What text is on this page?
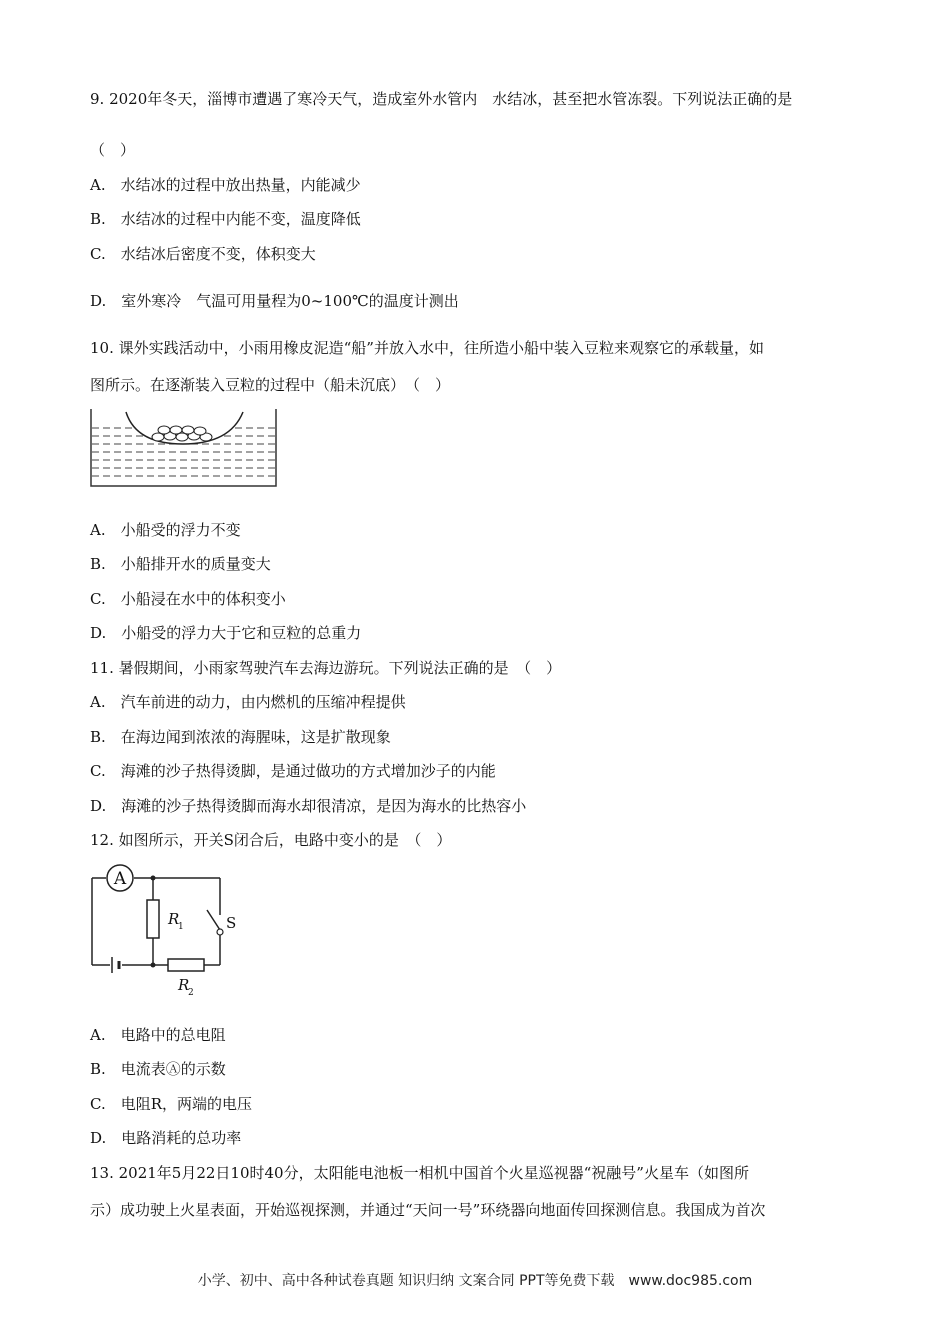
9. 2020年冬天，淄博市遭遇了寒冷天气，造成室外水管内　水结冰，甚至把水管冻裂。下列说法正确的是
（　）
A.　水结冰的过程中放出热量，内能减少
B.　水结冰的过程中内能不变，温度降低
C.　水结冰后密度不变，体积变大
D.　室外寒冷　气温可用量程为0~100℃的温度计测出
10. 课外实践活动中，小雨用橡皮泥造“船”并放入水中，往所造小船中装入豆粒来观察它的承载量，如
图所示。在逐渐装入豆粒的过程中（船未沉底）　（　）
A.　小船受的浮力不变
B.　小船排开水的质量变大
C.　小船浸在水中的体积变小
D.　小船受的浮力大于它和豆粒的总重力
11. 暑假期间，小雨家驾驶汽车去海边游玩。下列说法正确的是　（　）
A.　汽车前进的动力，由内燃机的压缩冲程提供
B.　在海边闻到浓浓的海腥味，这是扩散现象
C.　海滩的沙子热得烫脚，是通过做功的方式增加沙子的内能
D.　海滩的沙子热得烫脚而海水却很清凉，是因为海水的比热容小
12. 如图所示，开关S闭合后，电路中变小的是　（　）
A
R
1
R
2
S
A.　电路中的总电阻
B.　电流表Ⓐ的示数
C.　电阻R，两端的电压
D.　电路消耗的总功率
13. 2021年5月22日10时40分，太阳能电池板一相机中国首个火星巡视器“祝融号”火星车（如图所
示）成功驶上火星表面，开始巡视探测，并通过“天问一号”环绕器向地面传回探测信息。我国成为首次
小学、初中、高中各种试卷真题 知识归纳 文案合同 PPT等免费下载 www.doc985.com
